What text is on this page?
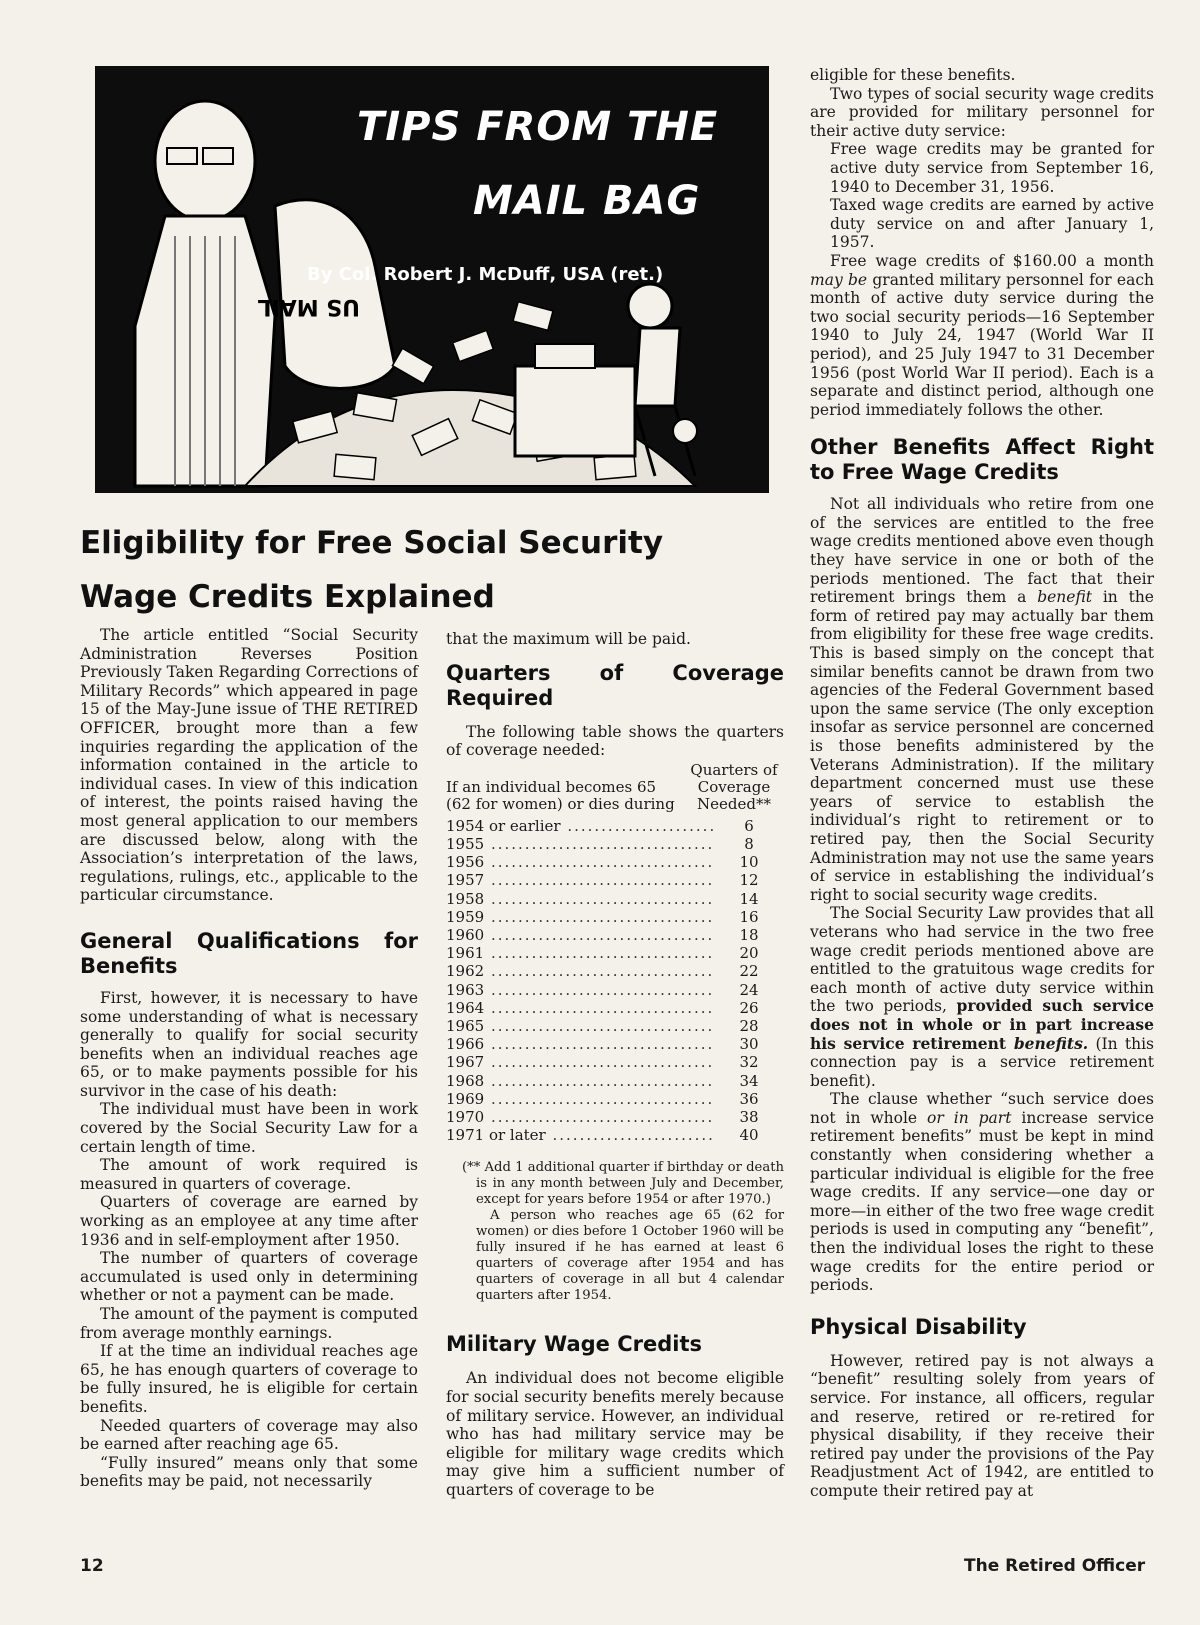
US MAIL
TIPS FROM THE
MAIL BAG
By Col. Robert J. McDuff, USA (ret.)
Eligibility for Free Social Security Wage Credits Explained

The article entitled “Social Security Administration Reverses Position Previously Taken Regarding Corrections of Military Records” which appeared in page 15 of the May-June issue of THE RETIRED OFFICER, brought more than a few inquiries regarding the application of the information contained in the article to individual cases. In view of this indication of interest, the points raised having the most general application to our members are discussed below, along with the Association’s interpretation of the laws, regulations, rulings, etc., applicable to the particular circumstance.

General Qualifications for Benefits

First, however, it is necessary to have some understanding of what is necessary generally to qualify for social security benefits when an individual reaches age 65, or to make payments possible for his survivor in the case of his death:

The individual must have been in work covered by the Social Security Law for a certain length of time.

The amount of work required is measured in quarters of coverage.

Quarters of coverage are earned by working as an employee at any time after 1936 and in self-employment after 1950.

The number of quarters of coverage accumulated is used only in determining whether or not a payment can be made.

The amount of the payment is computed from average monthly earnings.

If at the time an individual reaches age 65, he has enough quarters of coverage to be fully insured, he is eligible for certain benefits.

Needed quarters of coverage may also be earned after reaching age 65.

“Fully insured” means only that some benefits may be paid, not necessarily

that the maximum will be paid.

Quarters of Coverage Required

The following table shows the quarters of coverage needed:

If an individual becomes 65 (62 for women) or dies during	Quarters of Coverage Needed**
1954 or earlier .....	6
1955 .....	8
1956 .....	10
1957 .....	12
1958 .....	14
1959 .....	16
1960 .....	18
1961 .....	20
1962 .....	22
1963 .....	24
1964 .....	26
1965 .....	28
1966 .....	30
1967 .....	32
1968 .....	34
1969 .....	36
1970 .....	38
1971 or later .....	40

(** Add 1 additional quarter if birthday or death is in any month between July and December, except for years before 1954 or after 1970.)

A person who reaches age 65 (62 for women) or dies before 1 October 1960 will be fully insured if he has earned at least 6 quarters of coverage after 1954 and has quarters of coverage in all but 4 calendar quarters after 1954.

Military Wage Credits

An individual does not become eligible for social security benefits merely because of military service. However, an individual who has had military service may be eligible for military wage credits which may give him a sufficient number of quarters of coverage to be

eligible for these benefits.

Two types of social security wage credits are provided for military personnel for their active duty service:

Free wage credits may be granted for active duty service from September 16, 1940 to December 31, 1956.

Taxed wage credits are earned by active duty service on and after January 1, 1957.

Free wage credits of $160.00 a month may be granted military personnel for each month of active duty service during the two social security periods—16 September 1940 to July 24, 1947 (World War II period), and 25 July 1947 to 31 December 1956 (post World War II period). Each is a separate and distinct period, although one period immediately follows the other.

Other Benefits Affect Right to Free Wage Credits

Not all individuals who retire from one of the services are entitled to the free wage credits mentioned above even though they have service in one or both of the periods mentioned. The fact that their retirement brings them a benefit in the form of retired pay may actually bar them from eligibility for these free wage credits. This is based simply on the concept that similar benefits cannot be drawn from two agencies of the Federal Government based upon the same service (The only exception insofar as service personnel are concerned is those benefits administered by the Veterans Administration). If the military department concerned must use these years of service to establish the individual’s right to retirement or to retired pay, then the Social Security Administration may not use the same years of service in establishing the individual’s right to social security wage credits.

The Social Security Law provides that all veterans who had service in the two free wage credit periods mentioned above are entitled to the gratuitous wage credits for each month of active duty service within the two periods, provided such service does not in whole or in part increase his service retirement benefits. (In this connection pay is a service retirement benefit).

The clause whether “such service does not in whole or in part increase service retirement benefits” must be kept in mind constantly when considering whether a particular individual is eligible for the free wage credits. If any service—one day or more—in either of the two free wage credit periods is used in computing any “benefit”, then the individual loses the right to these wage credits for the entire period or periods.

Physical Disability

However, retired pay is not always a “benefit” resulting solely from years of service. For instance, all officers, regular and reserve, retired or re-retired for physical disability, if they receive their retired pay under the provisions of the Pay Readjustment Act of 1942, are entitled to compute their retired pay at

12	The Retired Officer
